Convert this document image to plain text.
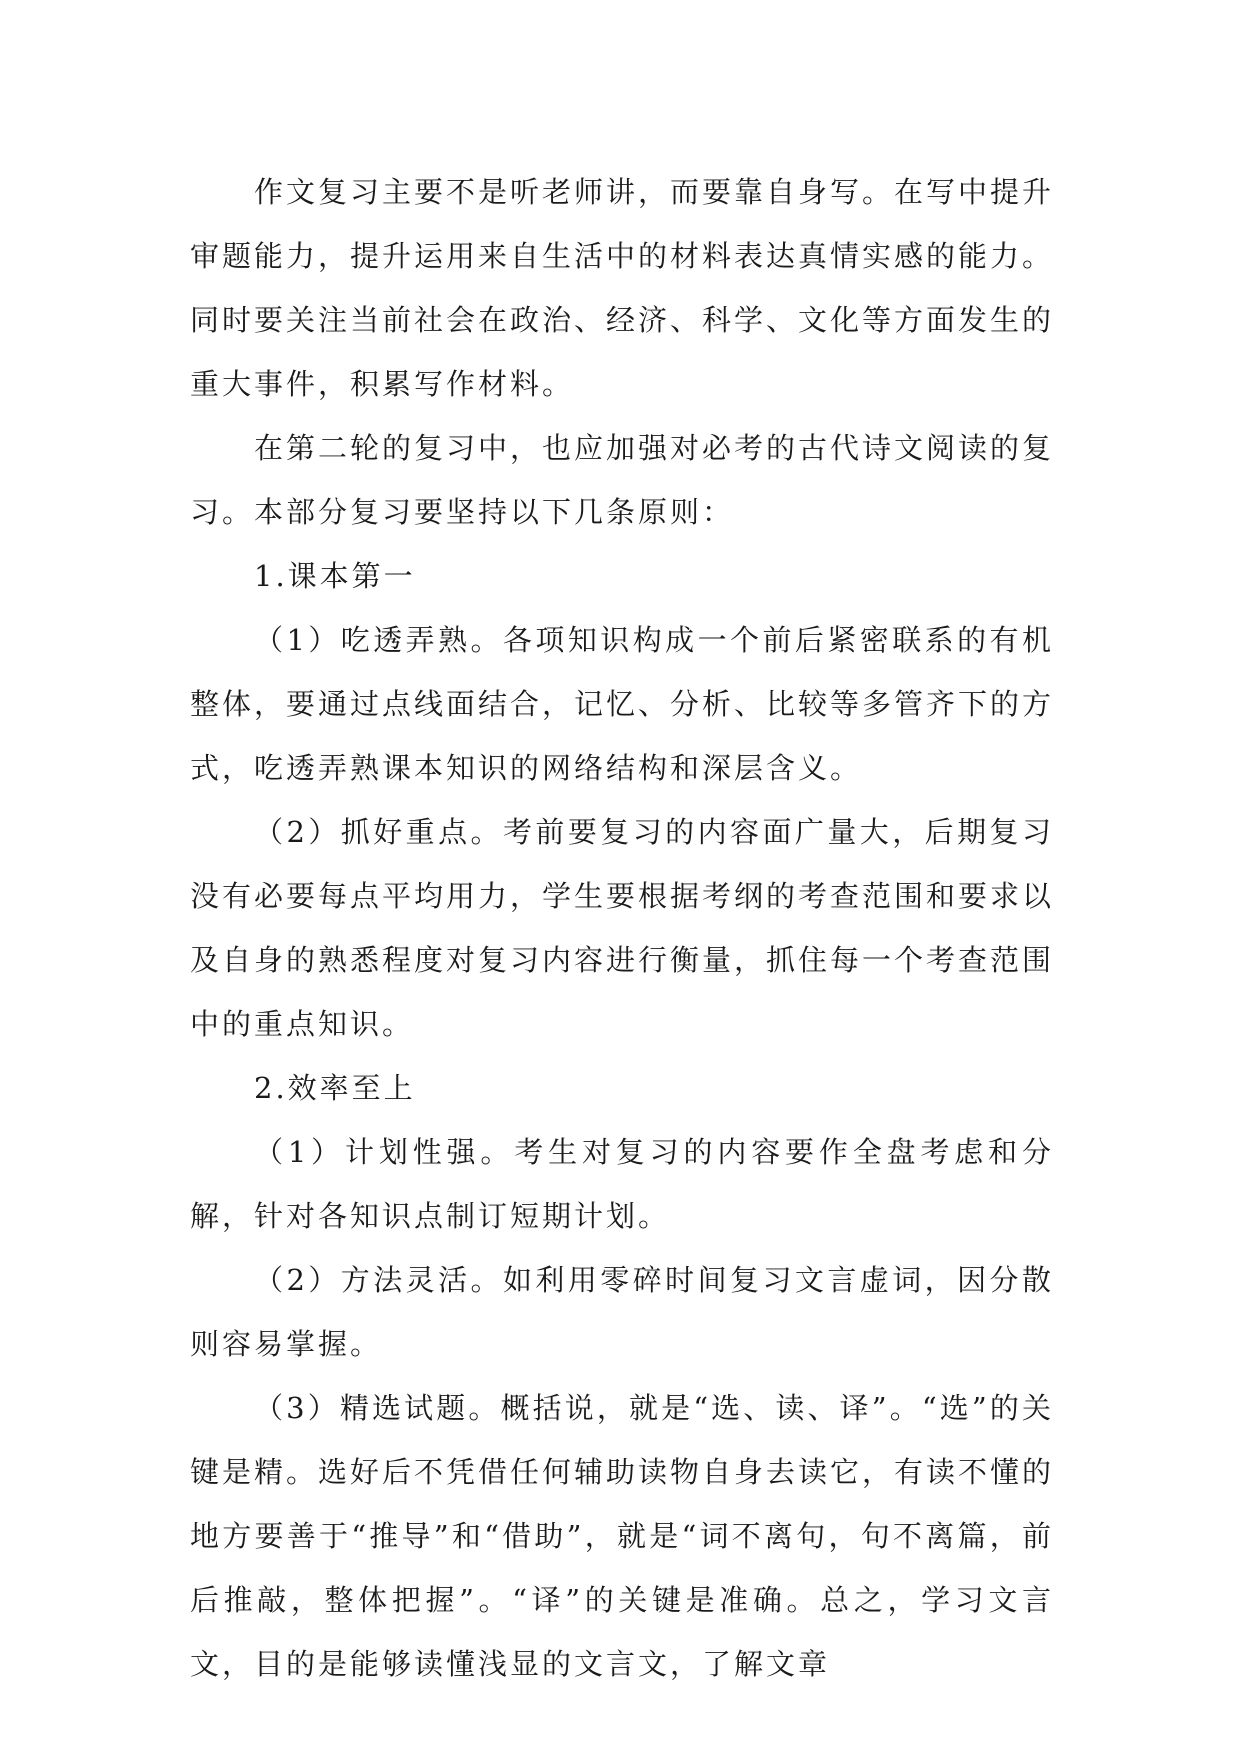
作文复习主要不是听老师讲，而要靠自身写。在写中提升审题能力，提升运用来自生活中的材料表达真情实感的能力。同时要关注当前社会在政治、经济、科学、文化等方面发生的重大事件，积累写作材料。

在第二轮的复习中，也应加强对必考的古代诗文阅读的复习。本部分复习要坚持以下几条原则：

1.课本第一

（1）吃透弄熟。各项知识构成一个前后紧密联系的有机整体，要通过点线面结合，记忆、分析、比较等多管齐下的方式，吃透弄熟课本知识的网络结构和深层含义。

（2）抓好重点。考前要复习的内容面广量大，后期复习没有必要每点平均用力，学生要根据考纲的考查范围和要求以及自身的熟悉程度对复习内容进行衡量，抓住每一个考查范围中的重点知识。

2.效率至上

（1）计划性强。考生对复习的内容要作全盘考虑和分解，针对各知识点制订短期计划。

（2）方法灵活。如利用零碎时间复习文言虚词，因分散则容易掌握。

（3）精选试题。概括说，就是“选、读、译”。“选”的关键是精。选好后不凭借任何辅助读物自身去读它，有读不懂的地方要善于“推导”和“借助”，就是“词不离句，句不离篇，前后推敲，整体把握”。“译”的关键是准确。总之，学习文言文，目的是能够读懂浅显的文言文，了解文章
